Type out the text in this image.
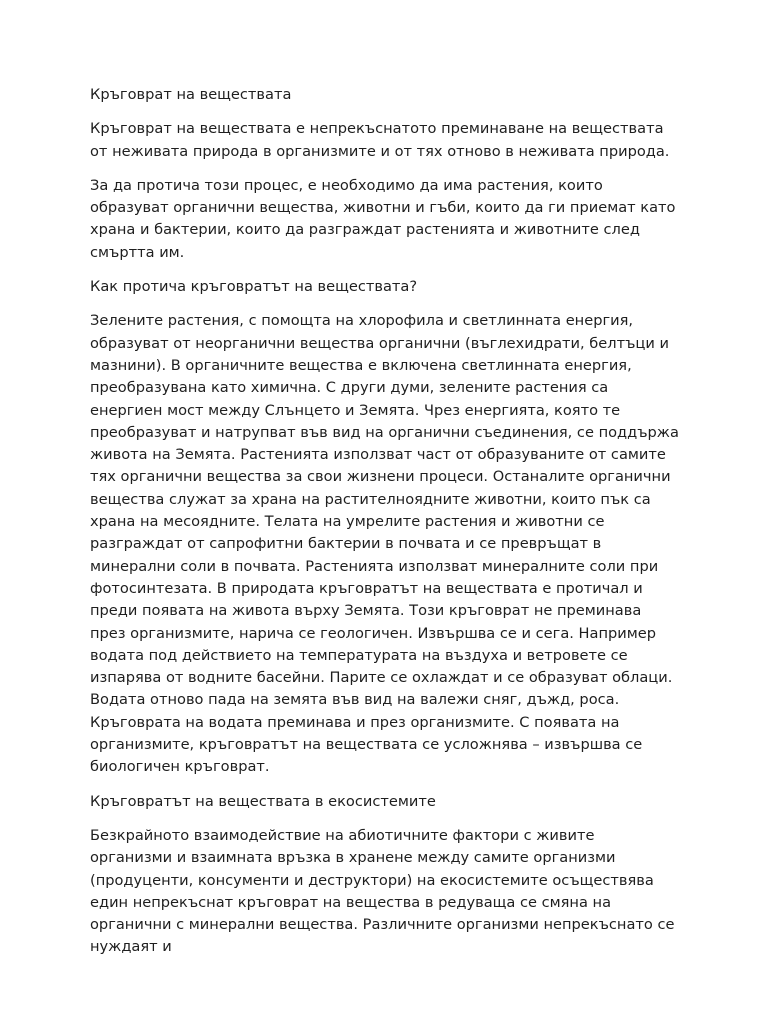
Кръговрат на веществата

Кръговрат на веществата е непрекъснатото преминаване на веществата от неживата природа в организмите и от тях отново в неживата природа.

За да протича този процес, е необходимо да има растения, които образуват органични вещества, животни и гъби, които да ги приемат като храна и бактерии, които да разграждат растенията и животните след смъртта им.

Как протича кръговратът на веществата?

Зелените растения, с помощта на хлорофила и светлинната енергия, образуват от неорганични вещества органични (въглехидрати, белтъци и мазнини). В органичните вещества е включена светлинната енергия, преобразувана като химична. С други думи, зелените растения са енергиен мост между Слънцето и Земята. Чрез енергията, която те преобразуват и натрупват във вид на органични съединения, се поддържа живота на Земята. Растенията използват част от образуваните от самите тях органични вещества за свои жизнени процеси. Останалите органични вещества служат за храна на растителноядните животни, които пък са храна на месоядните. Телата на умрелите растения и животни се разграждат от сапрофитни бактерии в почвата и се превръщат в минерални соли в почвата. Растенията използват минералните соли при фотосинтезата. В природата кръговратът на веществата е протичал и преди появата на живота върху Земята. Този кръговрат не преминава през организмите, нарича се геологичен. Извършва се и сега. Например водата под действието на температурата на въздуха и ветровете се изпарява от водните басейни. Парите се охлаждат и се образуват облаци. Водата отново пада на земята във вид на валежи сняг, дъжд, роса. Кръговрата на водата преминава и през организмите. С появата на организмите, кръговратът на веществата се усложнява – извършва се биологичен кръговрат.

Кръговратът на веществата в екосистемите

Безкрайното взаимодействие на абиотичните фактори с живите организми и взаимната връзка в хранене между самите организми (продуценти, консументи и деструктори) на екосистемите осъществява един непрекъснат кръговрат на вещества в редуваща се смяна на органични с минерални вещества. Различните организми непрекъснато се нуждаят и
